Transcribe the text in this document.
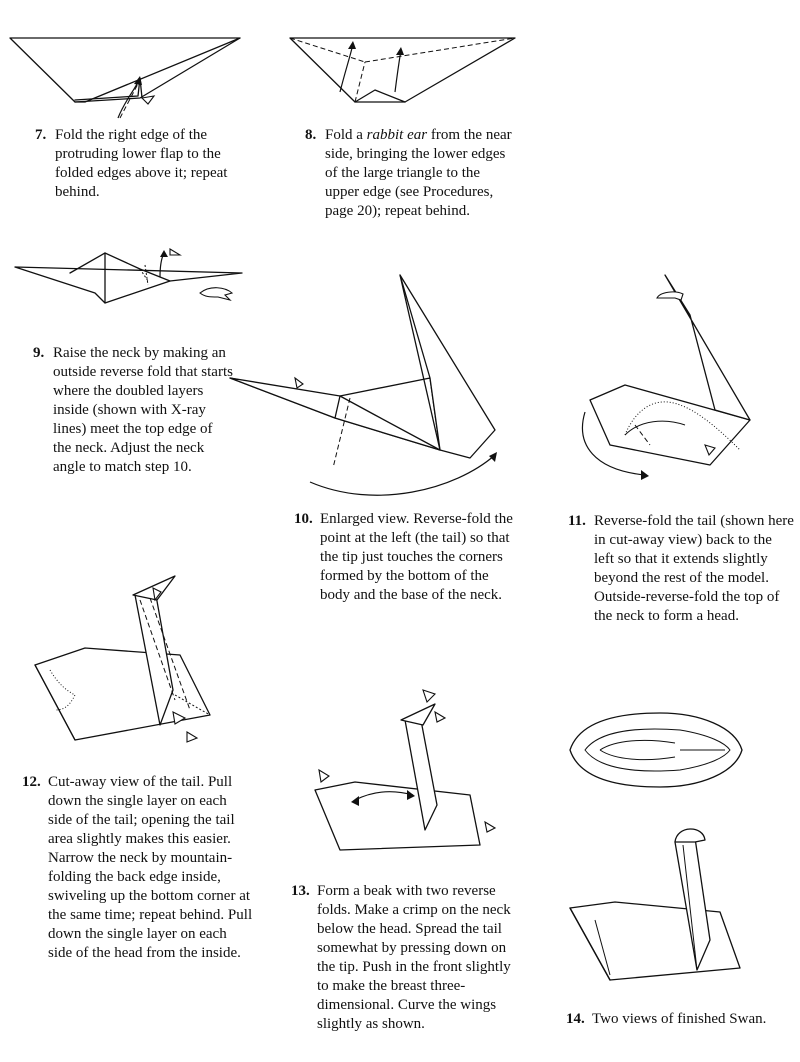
7. Fold the right edge of the protruding lower flap to the folded edges above it; repeat behind.

8. Fold a rabbit ear from the near side, bringing the lower edges of the large triangle to the upper edge (see Procedures, page 20); repeat behind.

9. Raise the neck by making an outside reverse fold that starts where the doubled layers inside (shown with X-ray lines) meet the top edge of the neck. Adjust the neck angle to match step 10.

10. Enlarged view. Reverse-fold the point at the left (the tail) so that the tip just touches the corners formed by the bottom of the body and the base of the neck.

11. Reverse-fold the tail (shown here in cut-away view) back to the left so that it extends slightly beyond the rest of the model. Outside-reverse-fold the top of the neck to form a head.

12. Cut-away view of the tail. Pull down the single layer on each side of the tail; opening the tail area slightly makes this easier. Narrow the neck by mountain-folding the back edge inside, swiveling up the bottom corner at the same time; repeat behind. Pull down the single layer on each side of the head from the inside.

13. Form a beak with two reverse folds. Make a crimp on the neck below the head. Spread the tail somewhat by pressing down on the tip. Push in the front slightly to make the breast three-dimensional. Curve the wings slightly as shown.	14. Two views of finished Swan.
